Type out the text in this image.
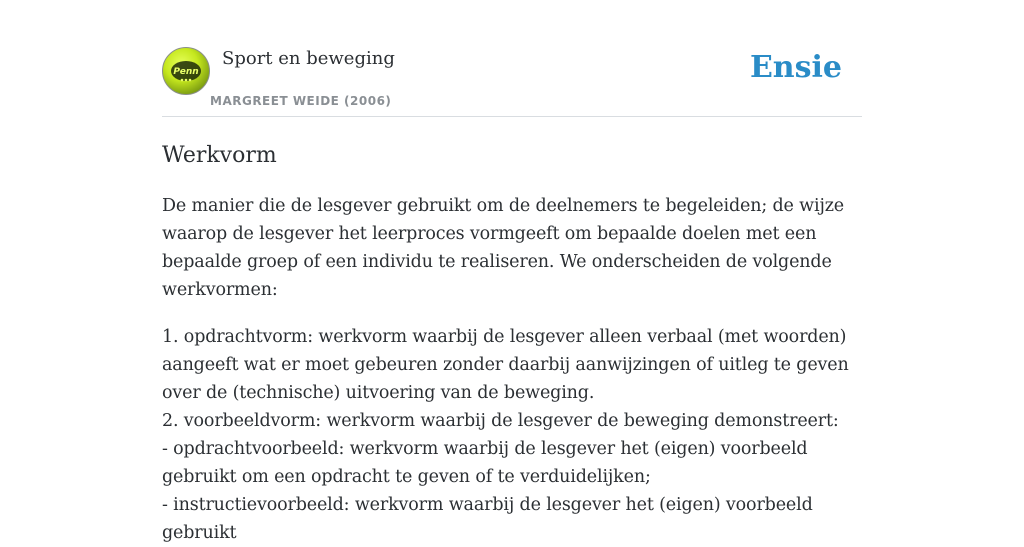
Penn
Sport en beweging
MARGREET WEIDE (2006)
Ensie
Werkvorm

De manier die de lesgever gebruikt om de deelnemers te begeleiden; de wijze waarop de lesgever het leerproces vormgeeft om bepaalde doelen met een bepaalde groep of een individu te realiseren. We onderscheiden de volgende werkvormen:

1. opdrachtvorm: werkvorm waarbij de lesgever alleen verbaal (met woorden) aangeeft wat er moet gebeuren zonder daarbij aanwijzingen of uitleg te geven over de (technische) uitvoering van de beweging.

2. voorbeeldvorm: werkvorm waarbij de lesgever de beweging demonstreert:

- opdrachtvoorbeeld: werkvorm waarbij de lesgever het (eigen) voorbeeld gebruikt om een opdracht te geven of te verduidelijken;

- instructievoorbeeld: werkvorm waarbij de lesgever het (eigen) voorbeeld gebruikt
